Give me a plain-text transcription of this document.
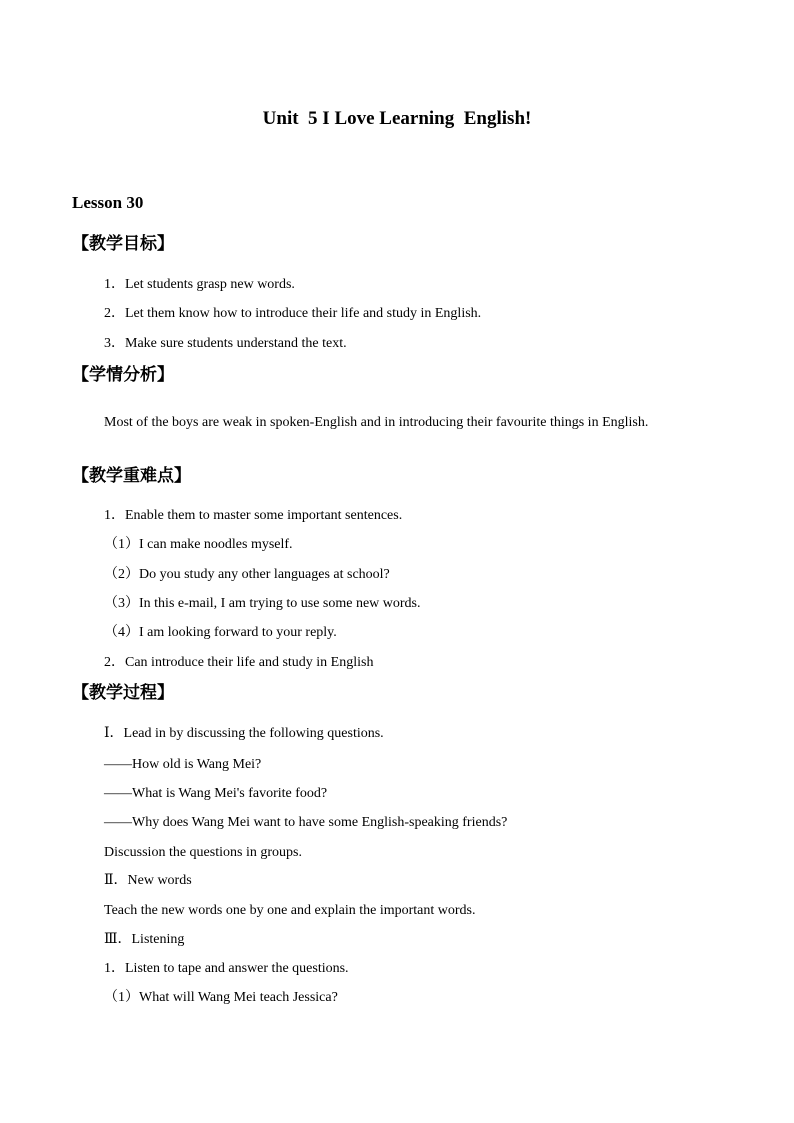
Unit  5 I Love Learning  English!
Lesson 30
【教学目标】
1．Let students grasp new words.
2．Let them know how to introduce their life and study in English.
3．Make sure students understand the text.
【学情分析】
Most of the boys are weak in spoken-English and in introducing their favourite things in English.
【教学重难点】
1．Enable them to master some important sentences.
（1）I can make noodles myself.
（2）Do you study any other languages at school?
（3）In this e-mail, I am trying to use some new words.
（4）I am looking forward to your reply.
2．Can introduce their life and study in English
【教学过程】
Ⅰ．Lead in by discussing the following questions.
——How old is Wang Mei?
——What is Wang Mei's favorite food?
——Why does Wang Mei want to have some English-speaking friends?
Discussion the questions in groups.
Ⅱ．New words
Teach the new words one by one and explain the important words.
Ⅲ．Listening
1．Listen to tape and answer the questions.
（1）What will Wang Mei teach Jessica?
